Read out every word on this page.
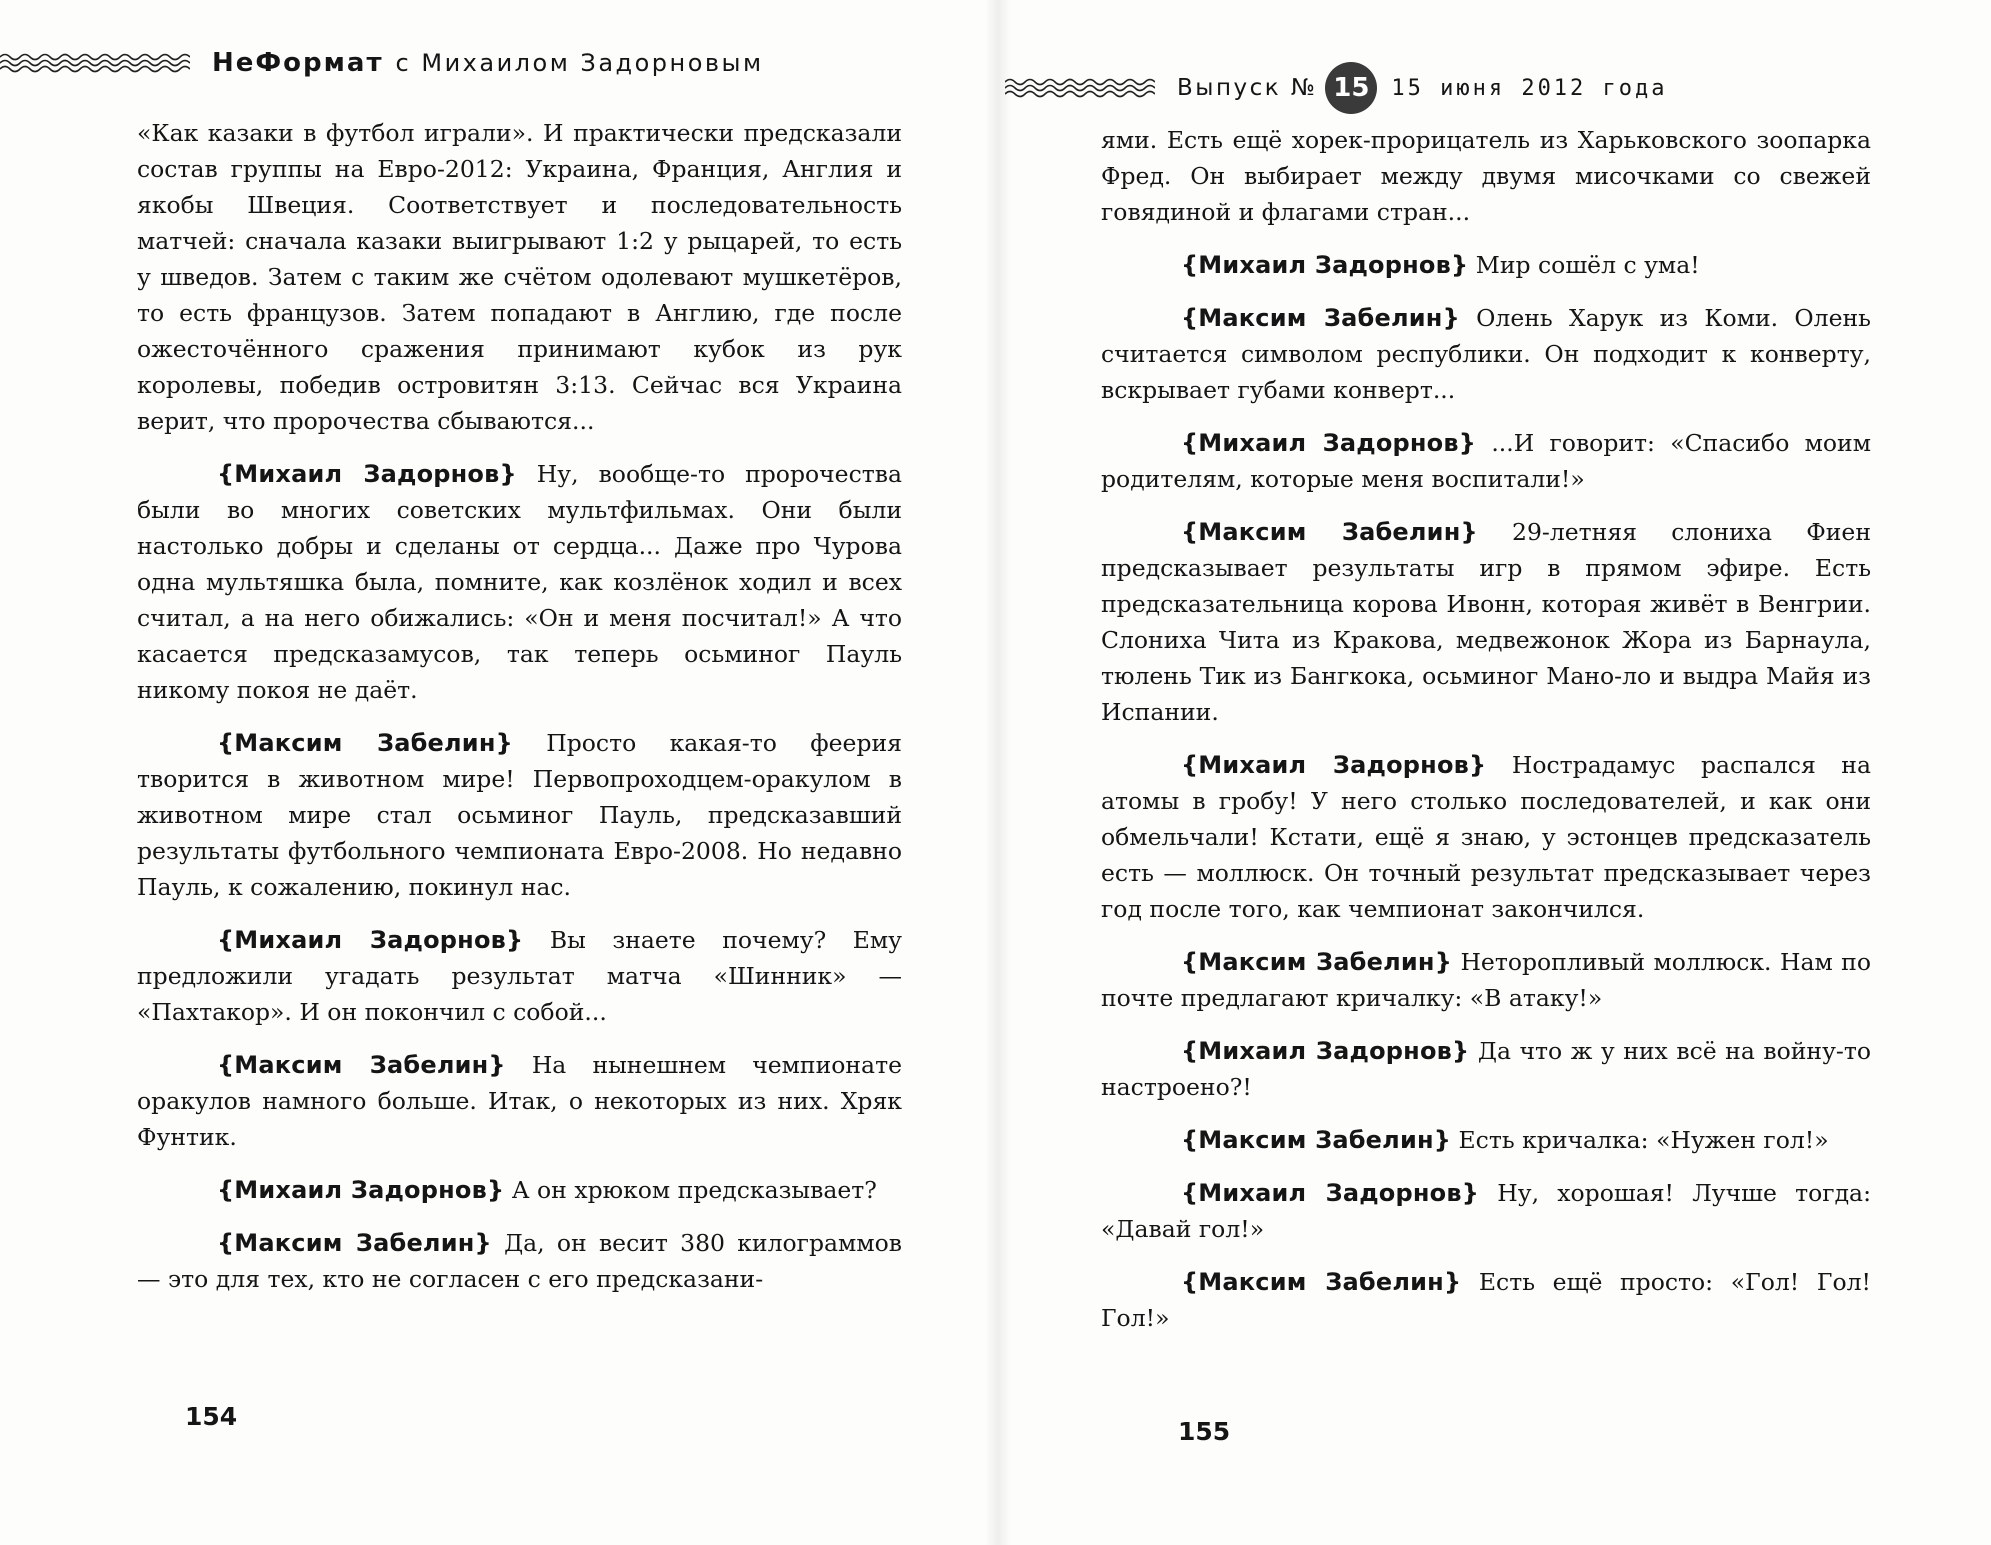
НеФормат с Михаилом Задорновым

«Как казаки в футбол играли». И практически предсказали состав группы на Евро-2012: Украина, Франция, Англия и якобы Швеция. Соответствует и последовательность матчей: сначала казаки выигрывают 1:2 у рыцарей, то есть у шведов. Затем с таким же счётом одолевают мушкетёров, то есть французов. Затем попадают в Англию, где после ожесточённого сражения принимают кубок из рук королевы, победив островитян 3:13. Сейчас вся Украина верит, что пророчества сбываются...

{ Михаил Задорнов } Ну, вообще-то пророчества были во многих советских мультфильмах. Они были настолько добры и сделаны от сердца... Даже про Чурова одна мультяшка была, помните, как козлёнок ходил и всех считал, а на него обижались: «Он и меня посчитал!» А что касается предсказамусов, так теперь осьминог Пауль никому покоя не даёт.

{ Максим Забелин } Просто какая-то феерия творится в животном мире! Первопроходцем-оракулом в животном мире стал осьминог Пауль, предсказавший результаты футбольного чемпионата Евро-2008. Но недавно Пауль, к сожалению, покинул нас.

{ Михаил Задорнов } Вы знаете почему? Ему предложили угадать результат матча «Шинник» — «Пахтакор». И он покончил с собой...

{ Максим Забелин } На нынешнем чемпионате оракулов намного больше. Итак, о некоторых из них. Хряк Фунтик.

{ Михаил Задорнов } А он хрюком предсказывает?

{ Максим Забелин } Да, он весит 380 килограммов — это для тех, кто не согласен с его предсказани-

154
Выпуск № 15 15 июня 2012 года

ями. Есть ещё хорек-прорицатель из Харьковского зоопарка Фред. Он выбирает между двумя мисочками со свежей говядиной и флагами стран...

{ Михаил Задорнов } Мир сошёл с ума!

{ Максим Забелин } Олень Харук из Коми. Олень считается символом республики. Он подходит к конверту, вскрывает губами конверт...

{ Михаил Задорнов } ...И говорит: «Спасибо моим родителям, которые меня воспитали!»

{ Максим Забелин } 29-летняя слониха Фиен предсказывает результаты игр в прямом эфире. Есть предсказательница корова Ивонн, которая живёт в Венгрии. Слониха Чита из Кракова, медвежонок Жора из Барнаула, тюлень Тик из Бангкока, осьминог Мано-ло и выдра Майя из Испании.

{ Михаил Задорнов } Нострадамус распался на атомы в гробу! У него столько последователей, и как они обмельчали! Кстати, ещё я знаю, у эстонцев предсказатель есть — моллюск. Он точный результат предсказывает через год после того, как чемпионат закончился.

{ Максим Забелин } Неторопливый моллюск. Нам по почте предлагают кричалку: «В атаку!»

{ Михаил Задорнов } Да что ж у них всё на войну-то настроено?!

{ Максим Забелин } Есть кричалка: «Нужен гол!»

{ Михаил Задорнов } Ну, хорошая! Лучше тогда: «Давай гол!»

{ Максим Забелин } Есть ещё просто: «Гол! Гол! Гол!»

155
